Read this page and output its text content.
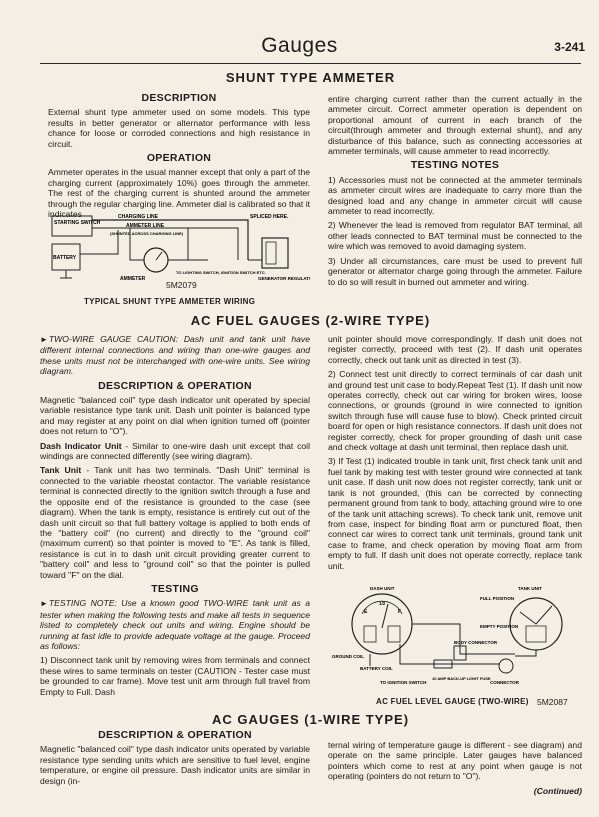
Gauges	3-241
SHUNT TYPE AMMETER
DESCRIPTION

External shunt type ammeter used on some models. This type results in better generator or alternator performance with less chance for loose or corroded connections and high resistance in circuit.

OPERATION

Ammeter operates in the usual manner except that only a part of the charging current (approximately 10%) goes through the ammeter. The rest of the charging current is shunted around the ammeter through the regular charging line. Ammeter dial is calibrated so that it indicates

STARTING SWITCH
CHARGING LINE
AMMETER LINE
(SHUNTED ACROSS CHARGING LINE)
SPLICED HERE.
BATTERY
AMMETER
TO LIGHTING SWITCH, IGNITION SWITCH ETC.
GENERATOR REGULATOR
5M2079
TYPICAL SHUNT TYPE AMMETER WIRING

entire charging current rather than the current actually in the ammeter circuit. Correct ammeter operation is dependent on proportional amount of current in each branch of the circuit(through ammeter and through external shunt), and any disturbance of this balance, such as connecting accessories at ammeter terminals, will cause ammeter to read incorrectly.

TESTING NOTES

1) Accessories must not be connected at the ammeter terminals as ammeter circuit wires are inadequate to carry more than the designed load and any change in ammeter circuit will cause ammeter to read incorrectly.

2) Whenever the lead is removed from regulator BAT terminal, all other leads connected to BAT terminal must be connected to the wire which was removed to avoid damaging system.

3) Under all circumstances, care must be used to prevent full generator or alternator charge going through the ammeter. Failure to do so will result in burned out ammeter and wiring.

AC FUEL GAUGES (2-WIRE TYPE)

►TWO-WIRE GAUGE CAUTION: Dash unit and tank unit have different internal connections and wiring than one-wire gauges and these units must not be interchanged with one-wire units. See wiring diagram.

DESCRIPTION & OPERATION

Magnetic "balanced coil" type dash indicator unit operated by special variable resistance type tank unit. Dash unit pointer is balanced type and may register at any point on dial when ignition turned off (pointer does not return to "O").

Dash Indicator Unit - Similar to one-wire dash unit except that coil windings are connected differently (see wiring diagram).

Tank Unit - Tank unit has two terminals. "Dash Unit" terminal is connected to the variable rheostat contactor. The variable resistance terminal is connected directly to the ignition switch through a fuse and the opposite end of the resistance is grounded to the case (see diagram). When the tank is empty, resistance is entirely cut out of the dash unit circuit so that full battery voltage is applied to both ends of the "battery coil" (no current) and directly to the "ground coil" (maximum current) so that pointer is moved to "E". As tank is filled, resistance is cut in to dash unit circuit providing greater current to "battery coil" and less to "ground coil" so that the pointer is pulled toward "F" on the dial.

TESTING

►TESTING NOTE: Use a known good TWO-WIRE tank unit as a tester when making the following tests and make all tests in sequence listed to completely check out units and wiring. Engine should be running at fast idle to provide adequate voltage at the gauge. Proceed as follows:

1) Disconnect tank unit by removing wires from terminals and connect these wires to same terminals on tester (CAUTION - Tester case must be grounded to car frame). Move test unit arm through full travel from Empty to Full. Dash

unit pointer should move correspondingly. If dash unit does not register correctly, proceed with test (2). If dash unit operates correctly, check out tank unit as directed in test (3).

2) Connect test unit directly to correct terminals of car dash unit and ground test unit case to body.Repeat Test (1). If dash unit now operates correctly, check out car wiring for broken wires, loose connections, or grounds (ground in wire connected to ignition switch through fuse will cause fuse to blow). Check printed circuit board for open or high resistance connectors. If dash unit does not register correctly, check for proper grounding of dash unit case and check voltage at dash unit terminal, then replace dash unit.

3) If Test (1) indicated trouble in tank unit, first check tank unit and fuel tank by making test with tester ground wire connected at tank unit case. If dash unit now does not register correctly, tank unit or tank is not grounded, (this can be corrected by connecting permanent ground from tank to body, attaching ground wire to one of the tank unit attaching screws). To check tank unit, remove unit from case, inspect for binding float arm or punctured float, then connect car wires to correct tank unit terminals, ground tank unit case to frame, and check operation by moving float arm from empty to full. If dash unit does not operate correctly, replace tank unit.

E
1/2
F
DASH UNIT	TANK UNIT
FULL POSITION
EMPTY POSITION
BODY CONNECTOR
GROUND COIL
BATTERY COIL
TO IGNITION SWITCH
10 AMP BACK-UP LIGHT FUSE
CONNECTOR
AC FUEL LEVEL GAUGE (TWO-WIRE) 5M2087
AC GAUGES (1-WIRE TYPE)
DESCRIPTION & OPERATION

Magnetic "balanced coil" type dash indicator units operated by variable resistance type sending units which are sensitive to fuel level, engine temperature, or engine oil pressure. Dash indicator units are similar in design (in-

ternal wiring of temperature gauge is different - see diagram) and operate on the same principle. Later gauges have balanced pointers which come to rest at any point when gauge is not operating (pointers do not return to "O").

(Continued)
